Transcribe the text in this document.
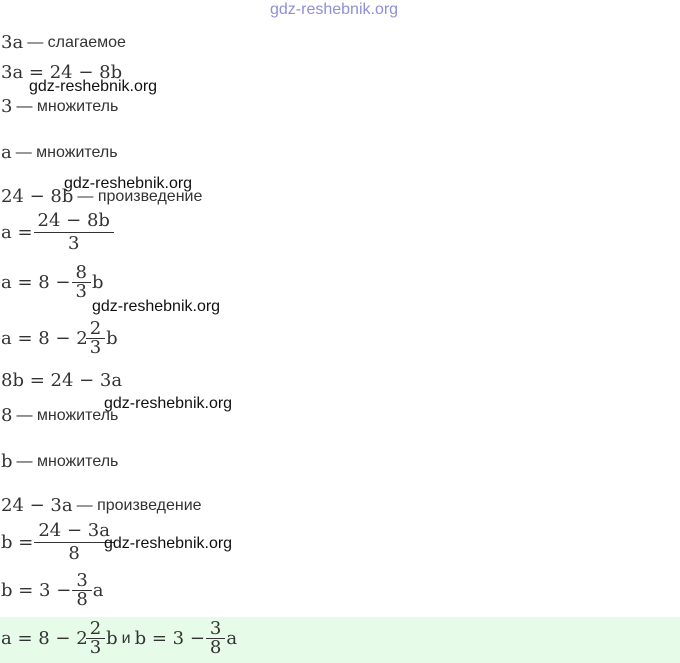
gdz-reshebnik.org
3a — слагаемое
3a = 24 − 8b
3 — множитель
a — множитель
24 − 8b — произведение
$a = \frac{24 - 8b}{3}$
$a = 8 - \frac{8}{3}$ b
$a = 8 - 2 \frac{2}{3}$ b
8b = 24 − 3a
8 — множитель
b — множитель
24 − 3a — произведение
$b = \frac{24 - 3a}{8}$
$b = 3 - \frac{3}{8}$ a
$a = 8 - 2 \frac{2}{3}$ b и $b = 3 - \frac{3}{8}$ a
gdz-reshebnik.org
gdz-reshebnik.org
gdz-reshebnik.org
gdz-reshebnik.org
gdz-reshebnik.org
